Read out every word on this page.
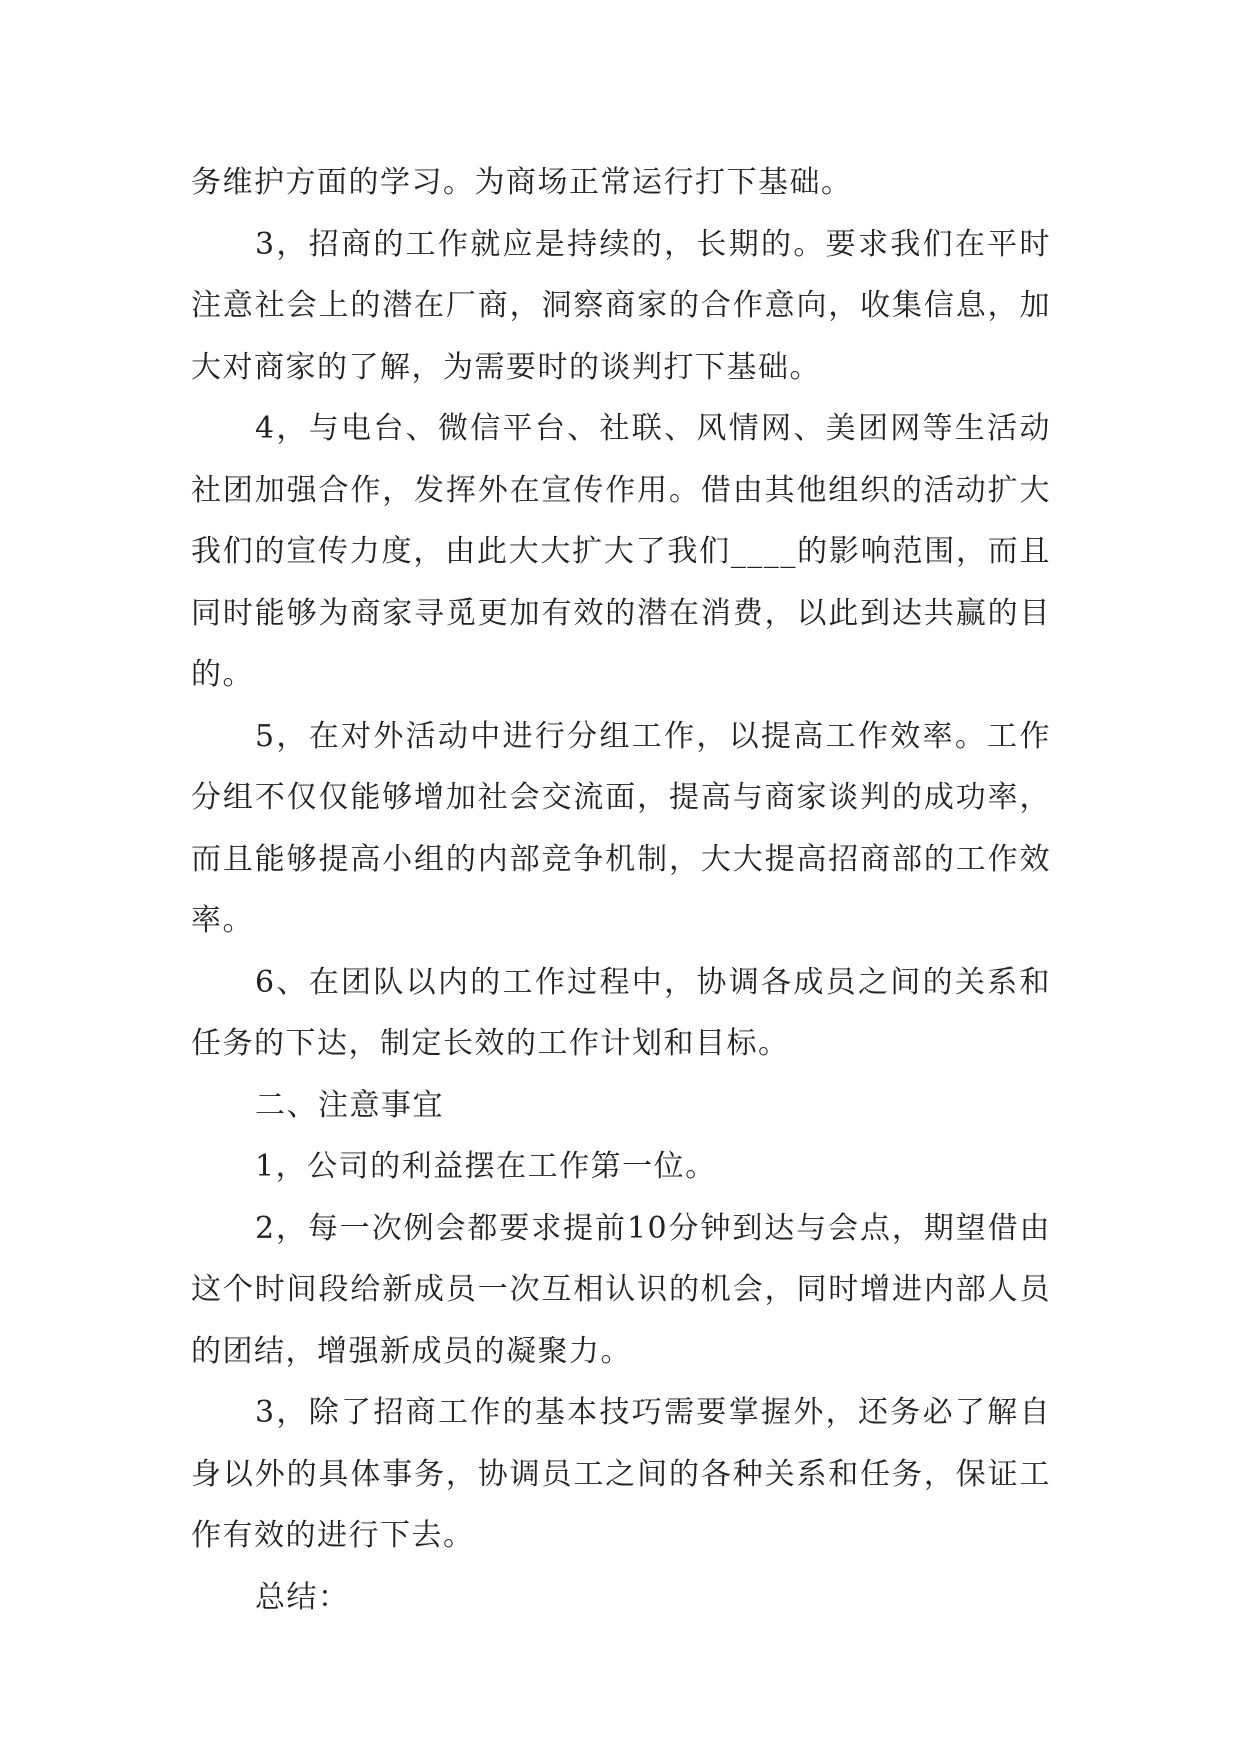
务维护方面的学习。为商场正常运行打下基础。

3，招商的工作就应是持续的，长期的。要求我们在平时注意社会上的潜在厂商，洞察商家的合作意向，收集信息，加大对商家的了解，为需要时的谈判打下基础。

4，与电台、微信平台、社联、风情网、美团网等生活动社团加强合作，发挥外在宣传作用。借由其他组织的活动扩大我们的宣传力度，由此大大扩大了我们____的影响范围，而且同时能够为商家寻觅更加有效的潜在消费，以此到达共赢的目的。

5，在对外活动中进行分组工作，以提高工作效率。工作分组不仅仅能够增加社会交流面，提高与商家谈判的成功率，而且能够提高小组的内部竞争机制，大大提高招商部的工作效率。

6、在团队以内的工作过程中，协调各成员之间的关系和任务的下达，制定长效的工作计划和目标。

二、注意事宜

1，公司的利益摆在工作第一位。

2，每一次例会都要求提前10分钟到达与会点，期望借由这个时间段给新成员一次互相认识的机会，同时增进内部人员的团结，增强新成员的凝聚力。

3，除了招商工作的基本技巧需要掌握外，还务必了解自身以外的具体事务，协调员工之间的各种关系和任务，保证工作有效的进行下去。

总结：
